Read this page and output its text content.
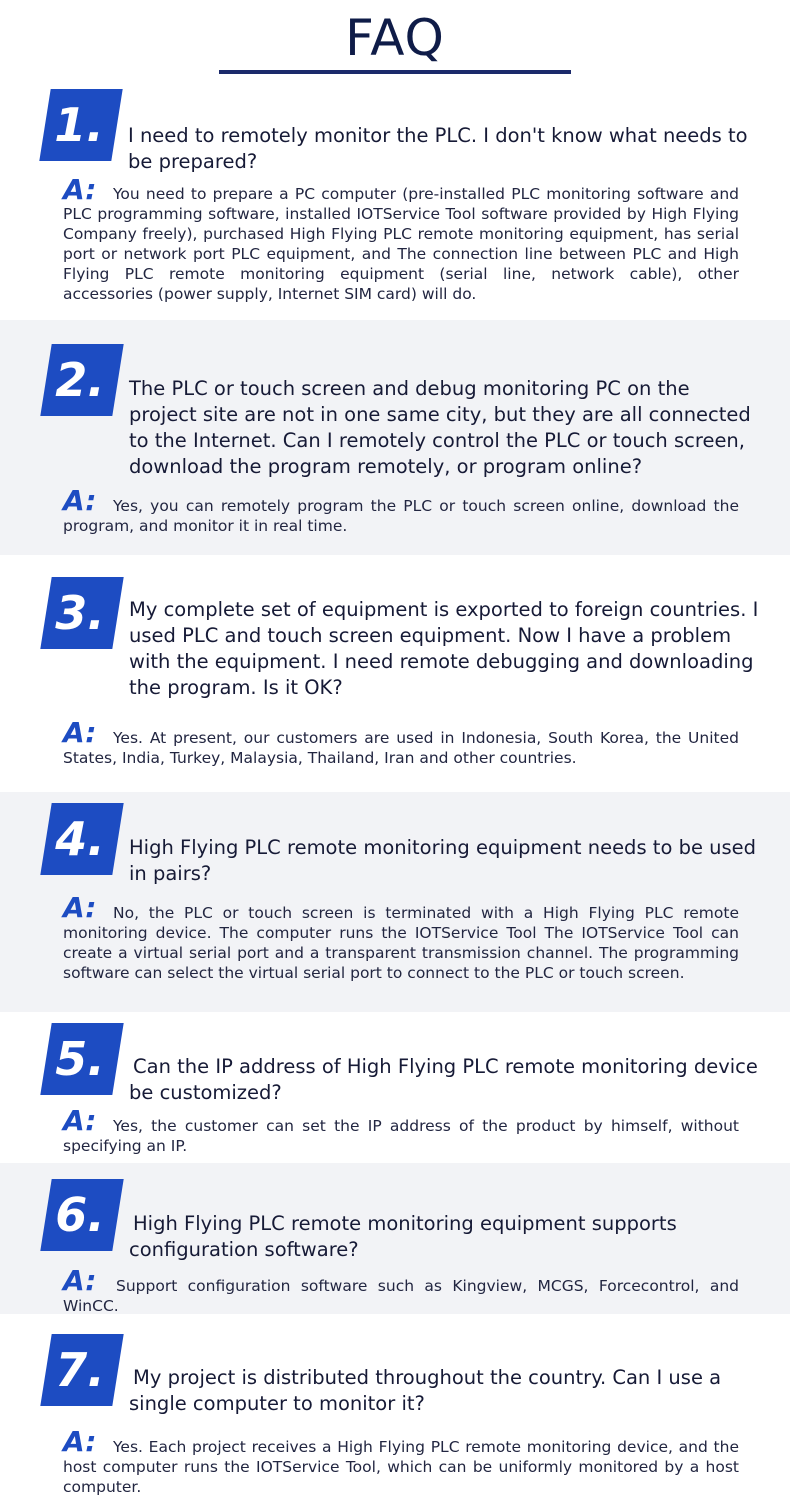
FAQ
1.	I need to remotely monitor the PLC. I don't know what needs to be prepared?
A:	You need to prepare a PC computer (pre-installed PLC monitoring software and PLC programming software, installed IOTService Tool software provided by High Flying Company freely), purchased High Flying PLC remote monitoring equipment, has serial port or network port PLC equipment, and The connection line between PLC and High Flying PLC remote monitoring equipment (serial line, network cable), other accessories (power supply, Internet SIM card) will do.
2.	The PLC or touch screen and debug monitoring PC on the project site are not in one same city, but they are all connected to the Internet. Can I remotely control the PLC or touch screen, download the program remotely, or program online?
A:	Yes, you can remotely program the PLC or touch screen online, download the program, and monitor it in real time.
3.	My complete set of equipment is exported to foreign countries. I used PLC and touch screen equipment. Now I have a problem with the equipment. I need remote debugging and downloading the program. Is it OK?
A:	Yes. At present, our customers are used in Indonesia, South Korea, the United States, India, Turkey, Malaysia, Thailand, Iran and other countries.
4.	High Flying PLC remote monitoring equipment needs to be used in pairs?
A:	No, the PLC or touch screen is terminated with a High Flying PLC remote monitoring device. The computer runs the IOTService Tool The IOTService Tool can create a virtual serial port and a transparent transmission channel. The programming software can select the virtual serial port to connect to the PLC or touch screen.
5.	Can the IP address of High Flying PLC remote monitoring device be customized?
A:	Yes, the customer can set the IP address of the product by himself, without specifying an IP.
6.	High Flying PLC remote monitoring equipment supports configuration software?
A:	Support configuration software such as Kingview, MCGS, Forcecontrol, and WinCC.
7.	My project is distributed throughout the country. Can I use a single computer to monitor it?
A:	Yes. Each project receives a High Flying PLC remote monitoring device, and the host computer runs the IOTService Tool, which can be uniformly monitored by a host computer.
